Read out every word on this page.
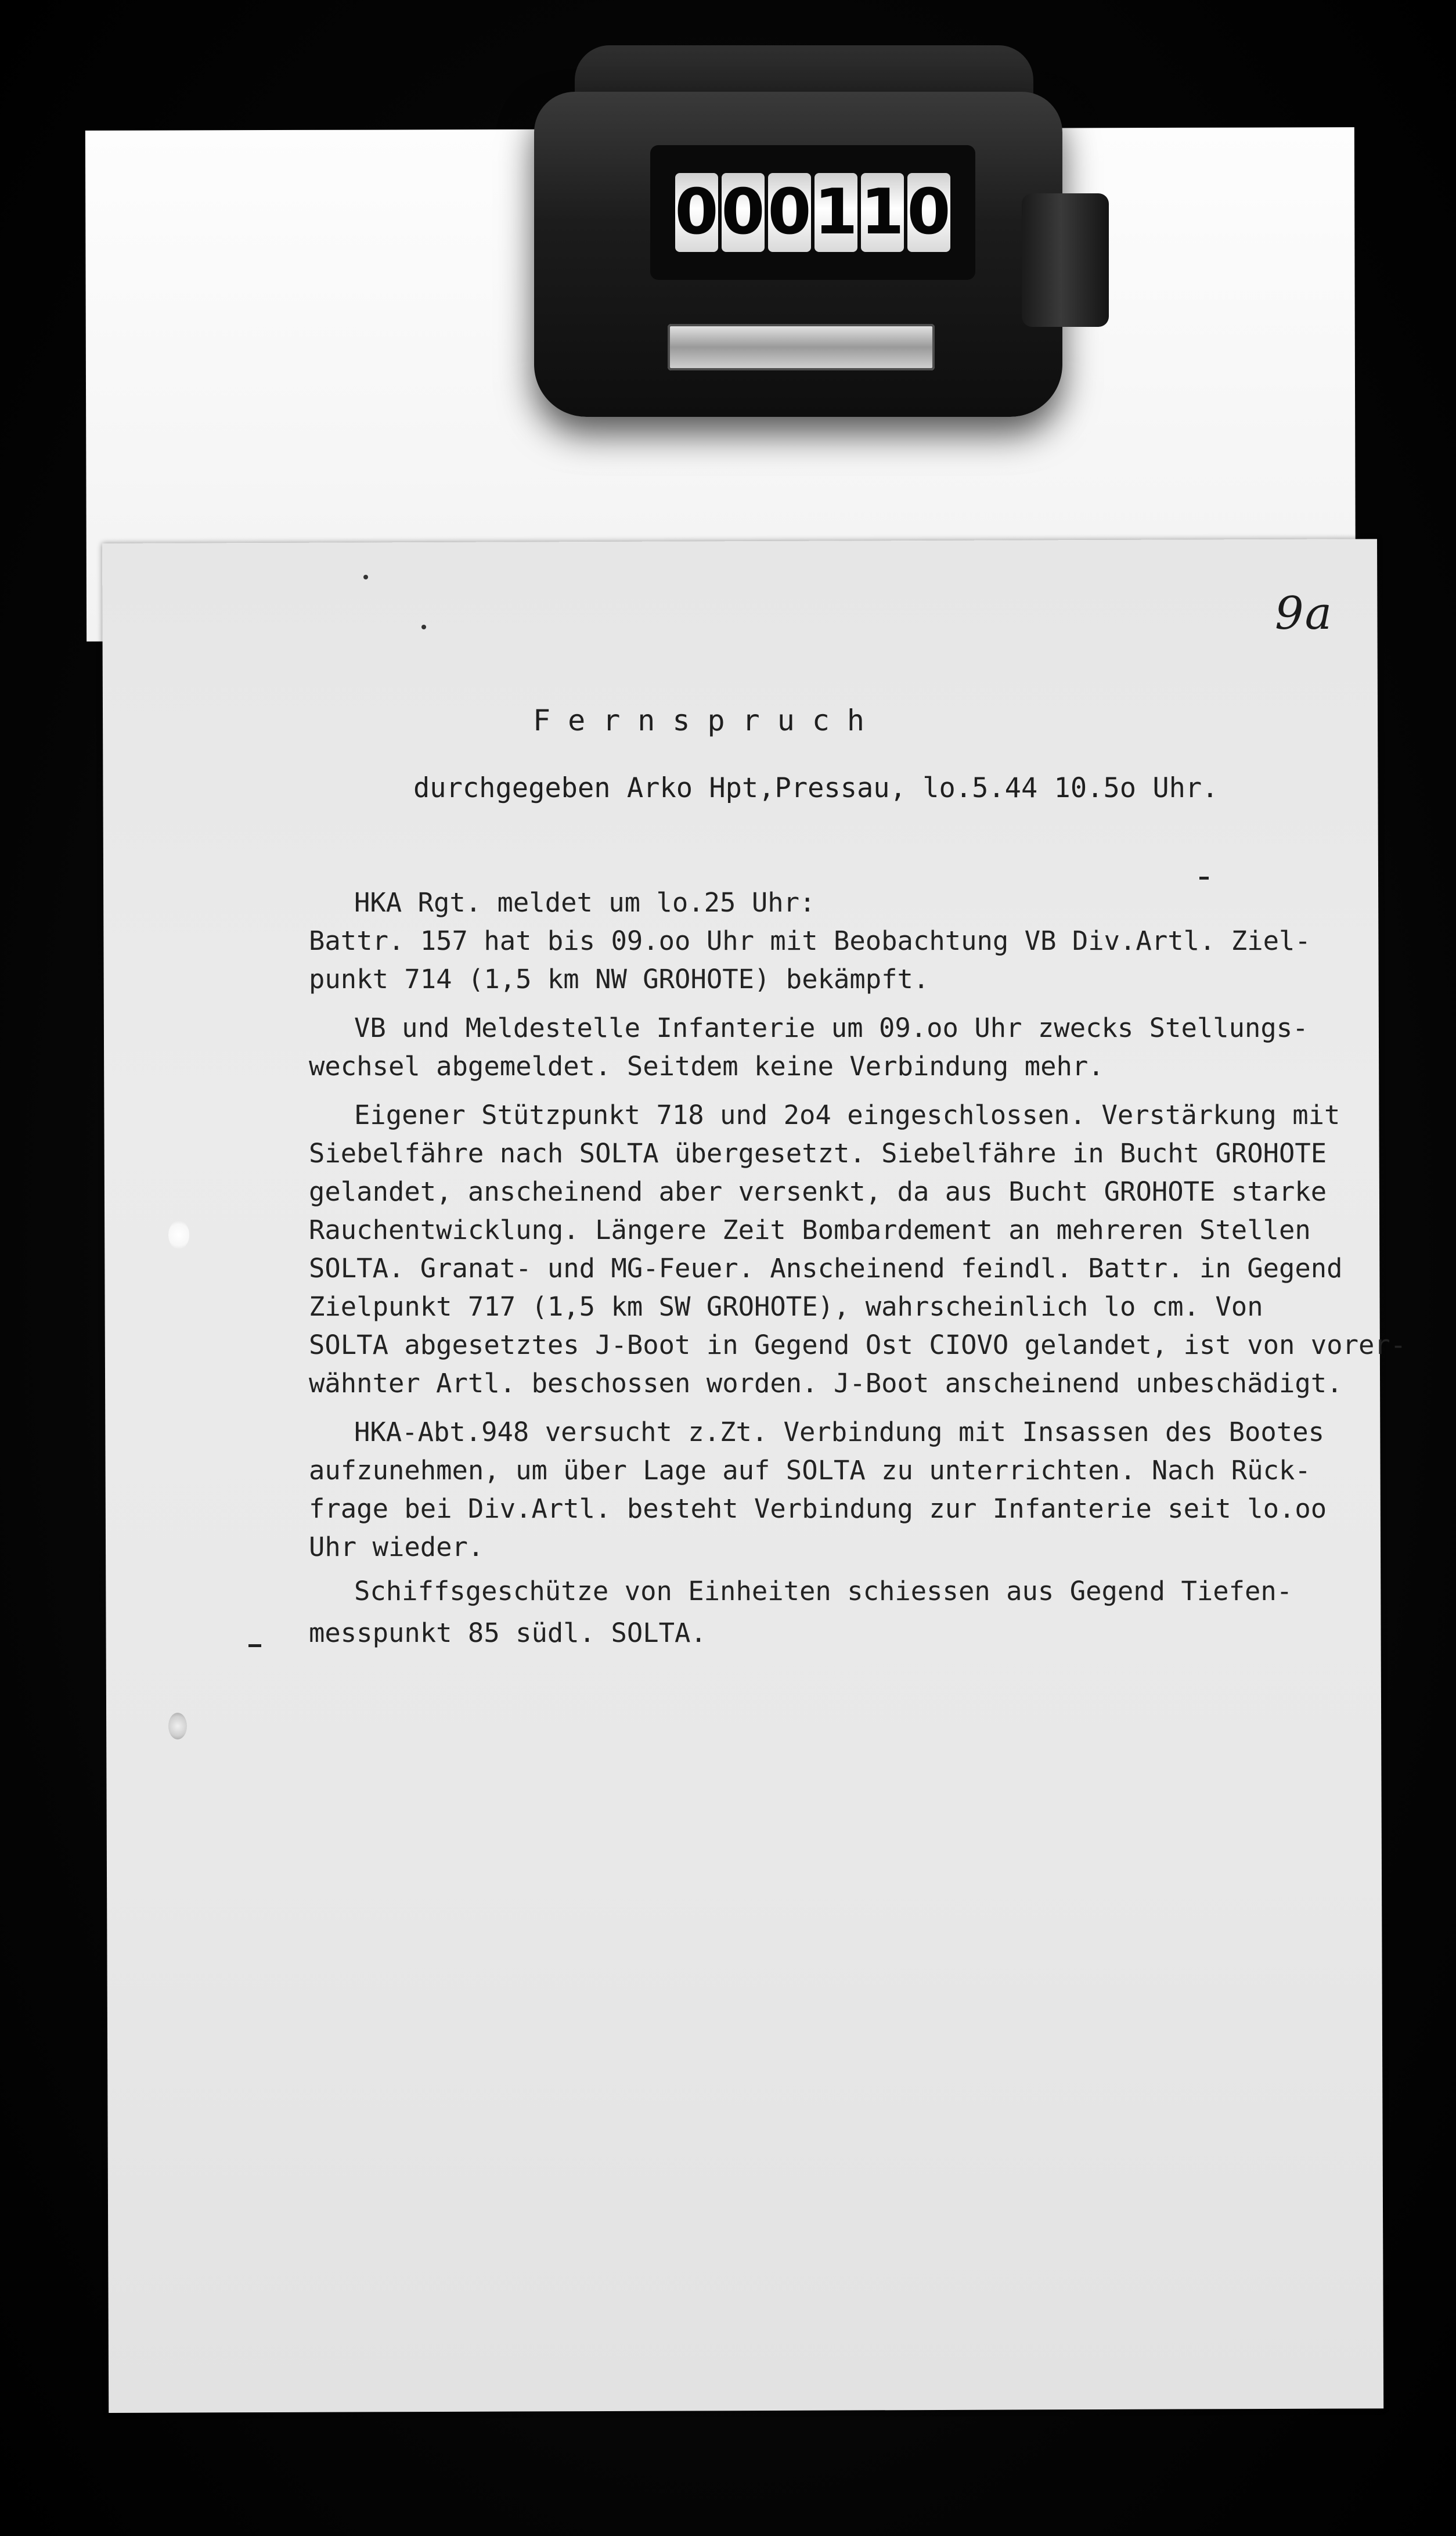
0 0 0 1 1 0
9a
Fernspruch
durchgegeben Arko Hpt,Pressau, lo.5.44 10.5o Uhr.
HKA Rgt. meldet um lo.25 Uhr:
Battr. 157 hat bis 09.oo Uhr mit Beobachtung VB Div.Artl. Ziel-
punkt 714 (1,5 km NW GROHOTE) bekämpft.
VB und Meldestelle Infanterie um 09.oo Uhr zwecks Stellungs-
wechsel abgemeldet. Seitdem keine Verbindung mehr.
Eigener Stützpunkt 718 und 2o4 eingeschlossen. Verstärkung mit
Siebelfähre nach SOLTA übergesetzt. Siebelfähre in Bucht GROHOTE
gelandet, anscheinend aber versenkt, da aus Bucht GROHOTE starke
Rauchentwicklung. Längere Zeit Bombardement an mehreren Stellen
SOLTA. Granat- und MG-Feuer. Anscheinend feindl. Battr. in Gegend
Zielpunkt 717 (1,5 km SW GROHOTE), wahrscheinlich lo cm. Von
SOLTA abgesetztes J-Boot in Gegend Ost CIOVO gelandet, ist von vorer-
wähnter Artl. beschossen worden. J-Boot anscheinend unbeschädigt.
HKA-Abt.948 versucht z.Zt. Verbindung mit Insassen des Bootes
aufzunehmen, um über Lage auf SOLTA zu unterrichten. Nach Rück-
frage bei Div.Artl. besteht Verbindung zur Infanterie seit lo.oo
Uhr wieder.
Schiffsgeschütze von Einheiten schiessen aus Gegend Tiefen-
messpunkt 85 südl. SOLTA.
